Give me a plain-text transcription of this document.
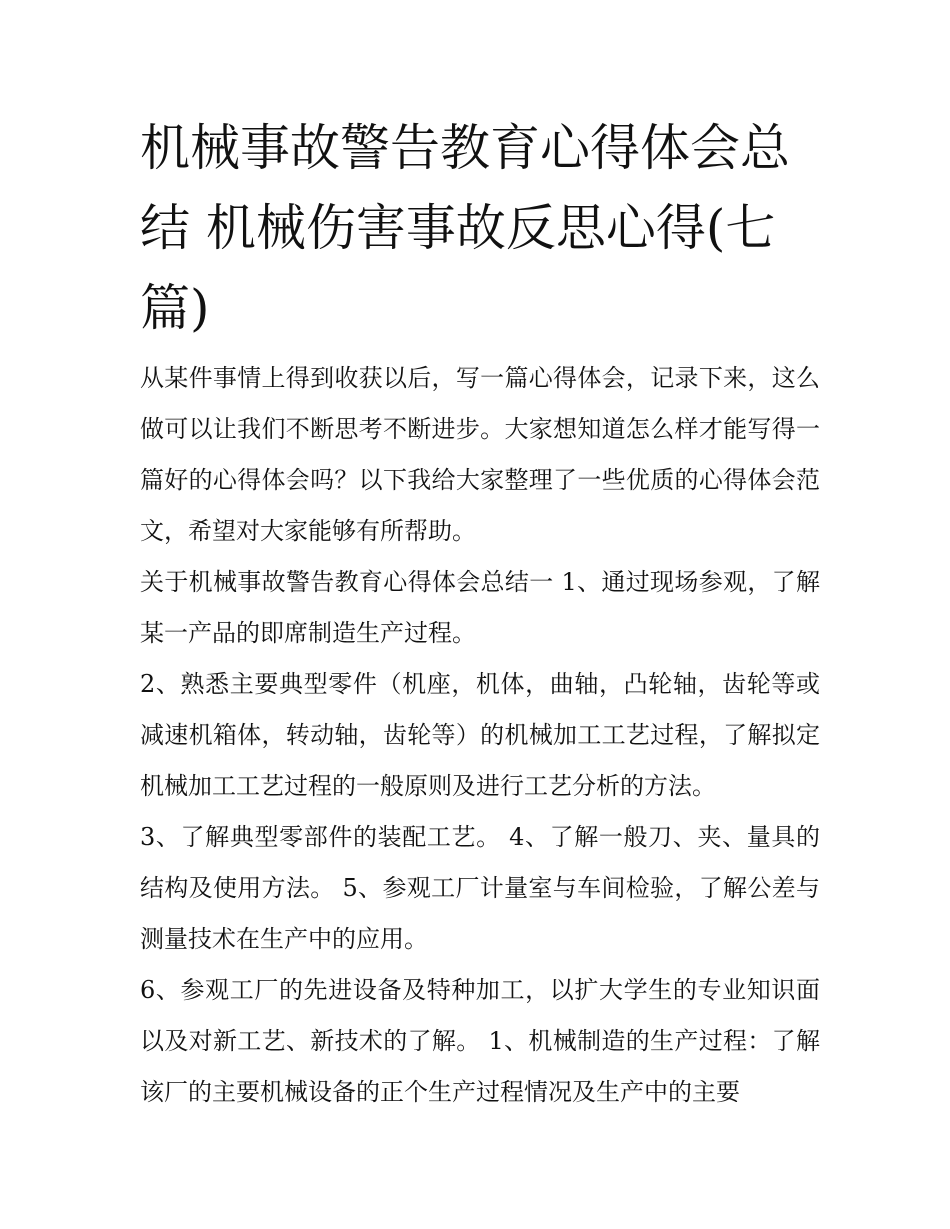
机械事故警告教育心得体会总结 机械伤害事故反思心得(七篇)

从某件事情上得到收获以后，写一篇心得体会，记录下来，这么做可以让我们不断思考不断进步。大家想知道怎么样才能写得一篇好的心得体会吗？以下我给大家整理了一些优质的心得体会范文，希望对大家能够有所帮助。

关于机械事故警告教育心得体会总结一 1、通过现场参观，了解某一产品的即席制造生产过程。

2、熟悉主要典型零件（机座，机体，曲轴，凸轮轴，齿轮等或减速机箱体，转动轴，齿轮等）的机械加工工艺过程，了解拟定机械加工工艺过程的一般原则及进行工艺分析的方法。

3、了解典型零部件的装配工艺。 4、了解一般刀、夹、量具的结构及使用方法。 5、参观工厂计量室与车间检验，了解公差与测量技术在生产中的应用。

6、参观工厂的先进设备及特种加工，以扩大学生的专业知识面以及对新工艺、新技术的了解。 1、机械制造的生产过程：了解该厂的主要机械设备的正个生产过程情况及生产中的主要
